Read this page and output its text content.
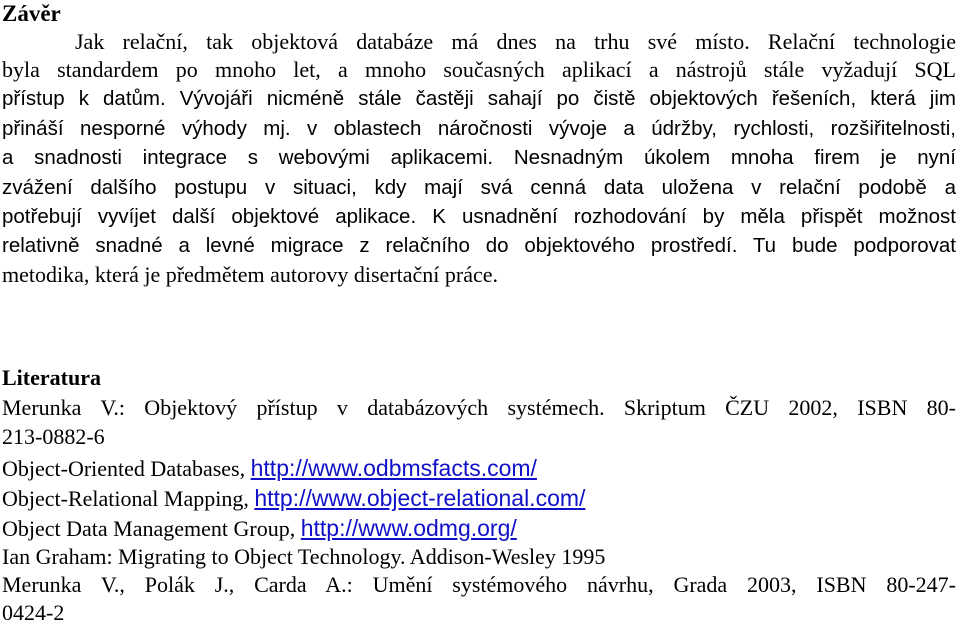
Závěr

Jak relační, tak objektová databáze má dnes na trhu své místo. Relační technologie

byla standardem po mnoho let, a mnoho současných aplikací a nástrojů stále vyžadují SQL

přístup k datům. Vývojáři nicméně stále častěji sahají po čistě objektových řešeních, která jim

přináší nesporné výhody mj. v oblastech náročnosti vývoje a údržby, rychlosti, rozšiřitelnosti,

a snadnosti integrace s webovými aplikacemi. Nesnadným úkolem mnoha firem je nyní

zvážení dalšího postupu v situaci, kdy mají svá cenná data uložena v relační podobě a

potřebují vyvíjet další objektové aplikace. K usnadnění rozhodování by měla přispět možnost

relativně snadné a levné migrace z relačního do objektového prostředí. Tu bude podporovat

metodika, která je předmětem autorovy disertační práce.

Literatura

Merunka V.: Objektový přístup v databázových systémech. Skriptum ČZU 2002, ISBN 80-

213-0882-6

Object-Oriented Databases, http://www.odbmsfacts.com/

Object-Relational Mapping, http://www.object-relational.com/

Object Data Management Group, http://www.odmg.org/

Ian Graham: Migrating to Object Technology. Addison-Wesley 1995

Merunka V., Polák J., Carda A.: Umění systémového návrhu, Grada 2003, ISBN 80-247-

0424-2
